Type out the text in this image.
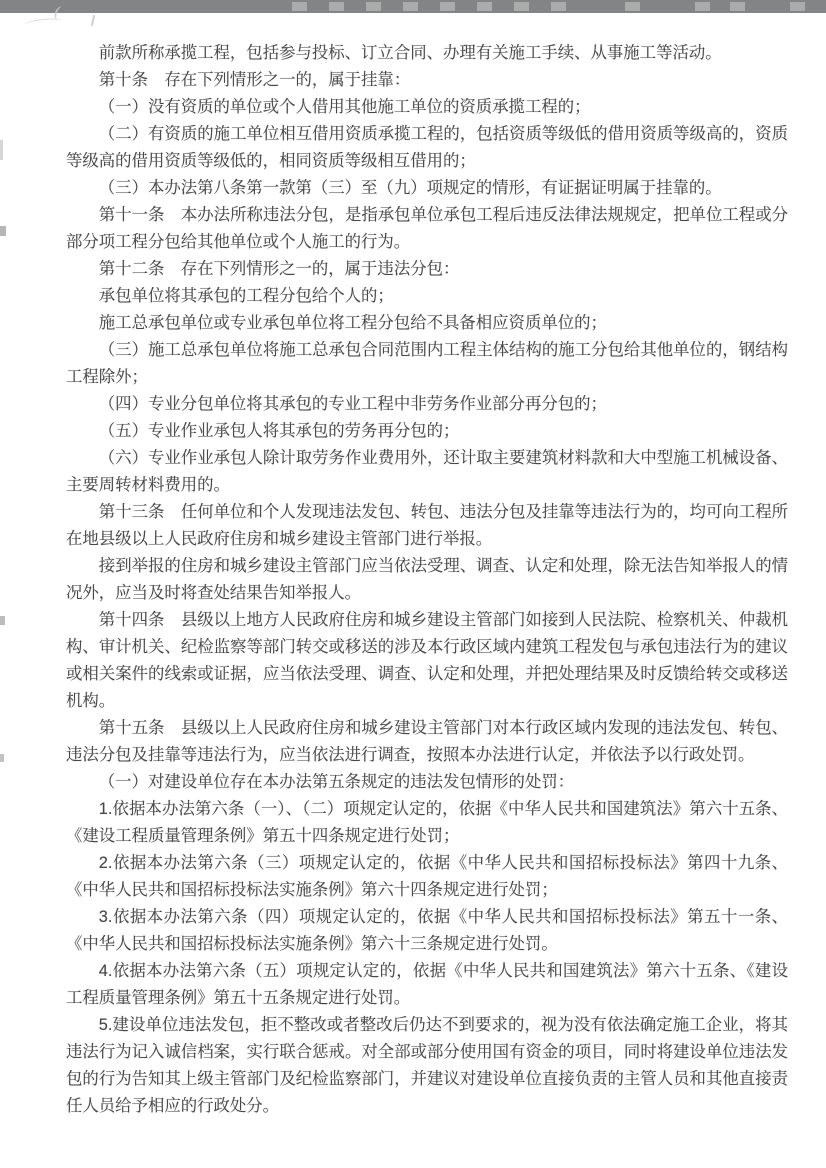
前款所称承揽工程，包括参与投标、订立合同、办理有关施工手续、从事施工等活动。

第十条　存在下列情形之一的，属于挂靠：

（一）没有资质的单位或个人借用其他施工单位的资质承揽工程的；

（二）有资质的施工单位相互借用资质承揽工程的，包括资质等级低的借用资质等级高的，资质等级高的借用资质等级低的，相同资质等级相互借用的；

（三）本办法第八条第一款第（三）至（九）项规定的情形，有证据证明属于挂靠的。

第十一条　本办法所称违法分包，是指承包单位承包工程后违反法律法规规定，把单位工程或分部分项工程分包给其他单位或个人施工的行为。

第十二条　存在下列情形之一的，属于违法分包：

承包单位将其承包的工程分包给个人的；

施工总承包单位或专业承包单位将工程分包给不具备相应资质单位的；

（三）施工总承包单位将施工总承包合同范围内工程主体结构的施工分包给其他单位的，钢结构工程除外；

（四）专业分包单位将其承包的专业工程中非劳务作业部分再分包的；

（五）专业作业承包人将其承包的劳务再分包的；

（六）专业作业承包人除计取劳务作业费用外，还计取主要建筑材料款和大中型施工机械设备、主要周转材料费用的。

第十三条　任何单位和个人发现违法发包、转包、违法分包及挂靠等违法行为的，均可向工程所在地县级以上人民政府住房和城乡建设主管部门进行举报。

接到举报的住房和城乡建设主管部门应当依法受理、调查、认定和处理，除无法告知举报人的情况外，应当及时将查处结果告知举报人。

第十四条　县级以上地方人民政府住房和城乡建设主管部门如接到人民法院、检察机关、仲裁机构、审计机关、纪检监察等部门转交或移送的涉及本行政区域内建筑工程发包与承包违法行为的建议或相关案件的线索或证据，应当依法受理、调查、认定和处理，并把处理结果及时反馈给转交或移送机构。

第十五条　县级以上人民政府住房和城乡建设主管部门对本行政区域内发现的违法发包、转包、违法分包及挂靠等违法行为，应当依法进行调查，按照本办法进行认定，并依法予以行政处罚。

（一）对建设单位存在本办法第五条规定的违法发包情形的处罚：

1.依据本办法第六条（一）、（二）项规定认定的，依据《中华人民共和国建筑法》第六十五条、《建设工程质量管理条例》第五十四条规定进行处罚；

2.依据本办法第六条（三）项规定认定的，依据《中华人民共和国招标投标法》第四十九条、《中华人民共和国招标投标法实施条例》第六十四条规定进行处罚；

3.依据本办法第六条（四）项规定认定的，依据《中华人民共和国招标投标法》第五十一条、《中华人民共和国招标投标法实施条例》第六十三条规定进行处罚。

4.依据本办法第六条（五）项规定认定的，依据《中华人民共和国建筑法》第六十五条、《建设工程质量管理条例》第五十五条规定进行处罚。

5.建设单位违法发包，拒不整改或者整改后仍达不到要求的，视为没有依法确定施工企业，将其违法行为记入诚信档案，实行联合惩戒。对全部或部分使用国有资金的项目，同时将建设单位违法发包的行为告知其上级主管部门及纪检监察部门，并建议对建设单位直接负责的主管人员和其他直接责任人员给予相应的行政处分。
